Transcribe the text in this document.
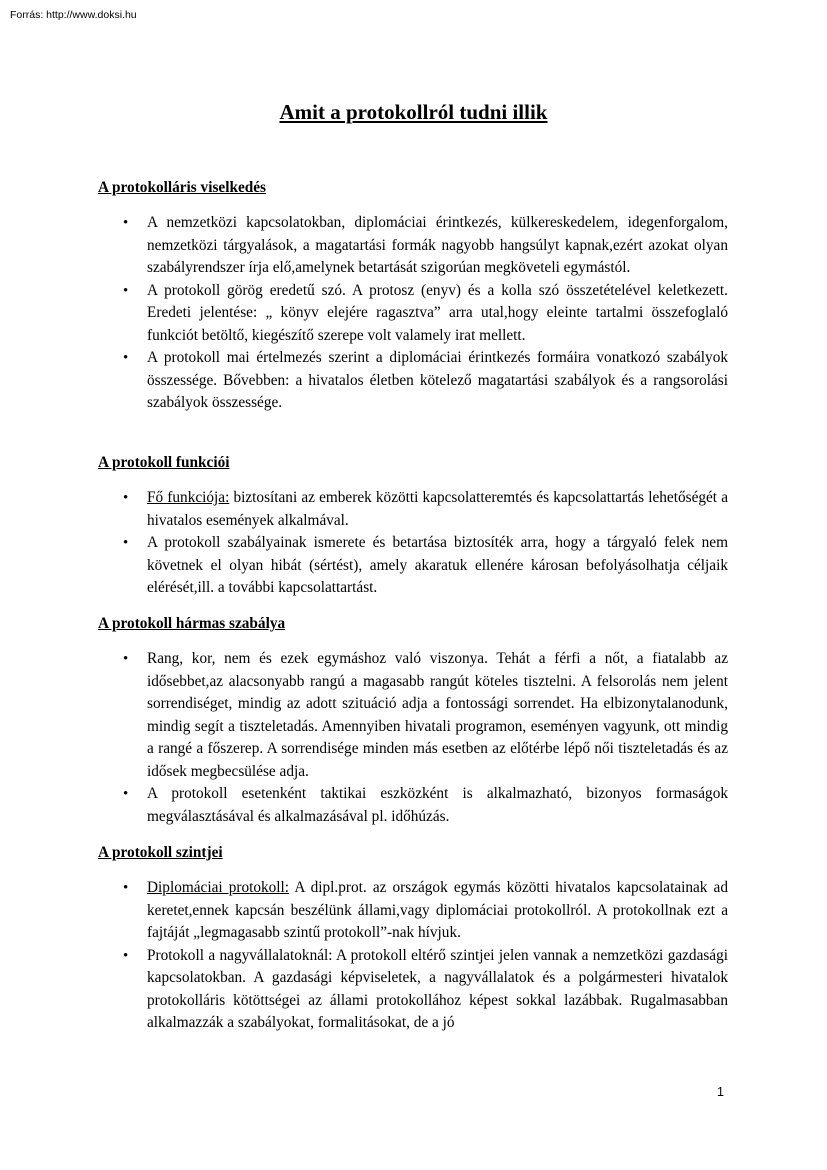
Forrás: http://www.doksi.hu
Amit a protokollról tudni illik
A protokolláris viselkedés
• A nemzetközi kapcsolatokban, diplomáciai érintkezés, külkereskedelem, idegenforgalom, nemzetközi tárgyalások, a magatartási formák nagyobb hangsúlyt kapnak,ezért azokat olyan szabályrendszer írja elő,amelynek betartását szigorúan megköveteli egymástól.
• A protokoll görög eredetű szó. A protosz (enyv) és a kolla szó összetételével keletkezett. Eredeti jelentése: „ könyv elejére ragasztva” arra utal,hogy eleinte tartalmi összefoglaló funkciót betöltő, kiegészítő szerepe volt valamely irat mellett.
• A protokoll mai értelmezés szerint a diplomáciai érintkezés formáira vonatkozó szabályok összessége. Bővebben: a hivatalos életben kötelező magatartási szabályok és a rangsorolási szabályok összessége.
A protokoll funkciói
• Fő funkciója: biztosítani az emberek közötti kapcsolatteremtés és kapcsolattartás lehetőségét a hivatalos események alkalmával.
• A protokoll szabályainak ismerete és betartása biztosíték arra, hogy a tárgyaló felek nem követnek el olyan hibát (sértést), amely akaratuk ellenére károsan befolyásolhatja céljaik elérését,ill. a további kapcsolattartást.
A protokoll hármas szabálya
• Rang, kor, nem és ezek egymáshoz való viszonya. Tehát a férfi a nőt, a fiatalabb az idősebbet,az alacsonyabb rangú a magasabb rangút köteles tisztelni. A felsorolás nem jelent sorrendiséget, mindig az adott szituáció adja a fontossági sorrendet. Ha elbizonytalanodunk, mindig segít a tiszteletadás. Amennyiben hivatali programon, eseményen vagyunk, ott mindig a rangé a főszerep. A sorrendisége minden más esetben az előtérbe lépő női tiszteletadás és az idősek megbecsülése adja.
• A protokoll esetenként taktikai eszközként is alkalmazható, bizonyos formaságok megválasztásával és alkalmazásával pl. időhúzás.
A protokoll szintjei
• Diplomáciai protokoll: A dipl.prot. az országok egymás közötti hivatalos kapcsolatainak ad keretet,ennek kapcsán beszélünk állami,vagy diplomáciai protokollról. A protokollnak ezt a fajtáját „legmagasabb szintű protokoll”-nak hívjuk.
• Protokoll a nagyvállalatoknál: A protokoll eltérő szintjei jelen vannak a nemzetközi gazdasági kapcsolatokban. A gazdasági képviseletek, a nagyvállalatok és a polgármesteri hivatalok protokolláris kötöttségei az állami protokollához képest sokkal lazábbak. Rugalmasabban alkalmazzák a szabályokat, formalitásokat, de a jó
1
